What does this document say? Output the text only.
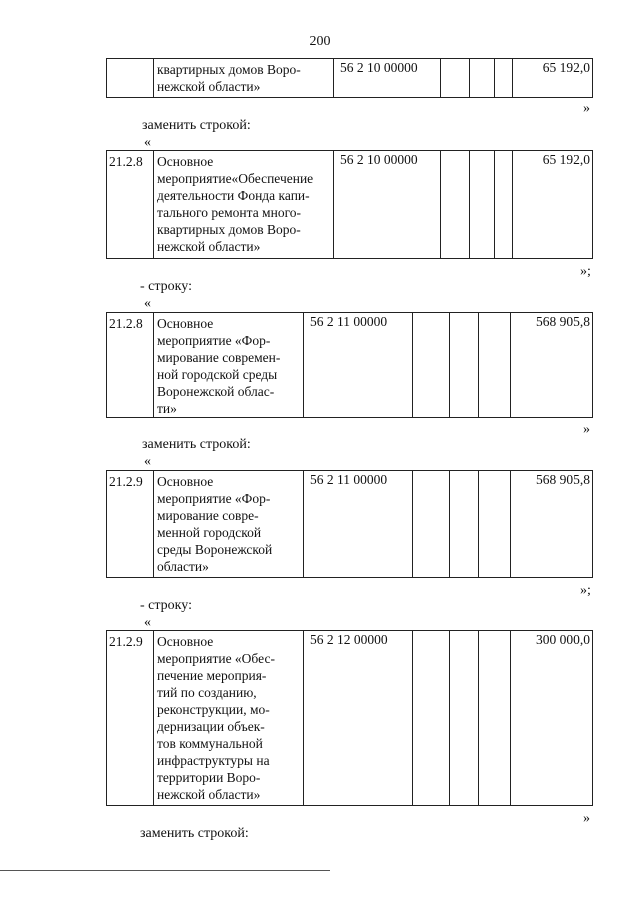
200

квартирных домов Воро-
нежской области»
	56 2 10 00000				65 192,0
»
заменить строкой:
«
21.2.8	Основное
мероприятие«Обеспечение
деятельности Фонда капи-
тального ремонта много-
квартирных домов Воро-
нежской области»
	56 2 10 00000				65 192,0
»;
- строку:
«
21.2.8	Основное
мероприятие «Фор-
мирование современ-
ной городской среды
Воронежской облас-
ти»
	56 2 11 00000				568 905,8
»
заменить строкой:
«
21.2.9	Основное
мероприятие «Фор-
мирование совре-
менной городской
среды Воронежской
области»
	56 2 11 00000				568 905,8
»;
- строку:
«
21.2.9	Основное
мероприятие «Обес-
печение мероприя-
тий по созданию,
реконструкции, мо-
дернизации объек-
тов коммунальной
инфраструктуры на
территории Воро-
нежской области»
	56 2 12 00000				300 000,0
»
заменить строкой:
